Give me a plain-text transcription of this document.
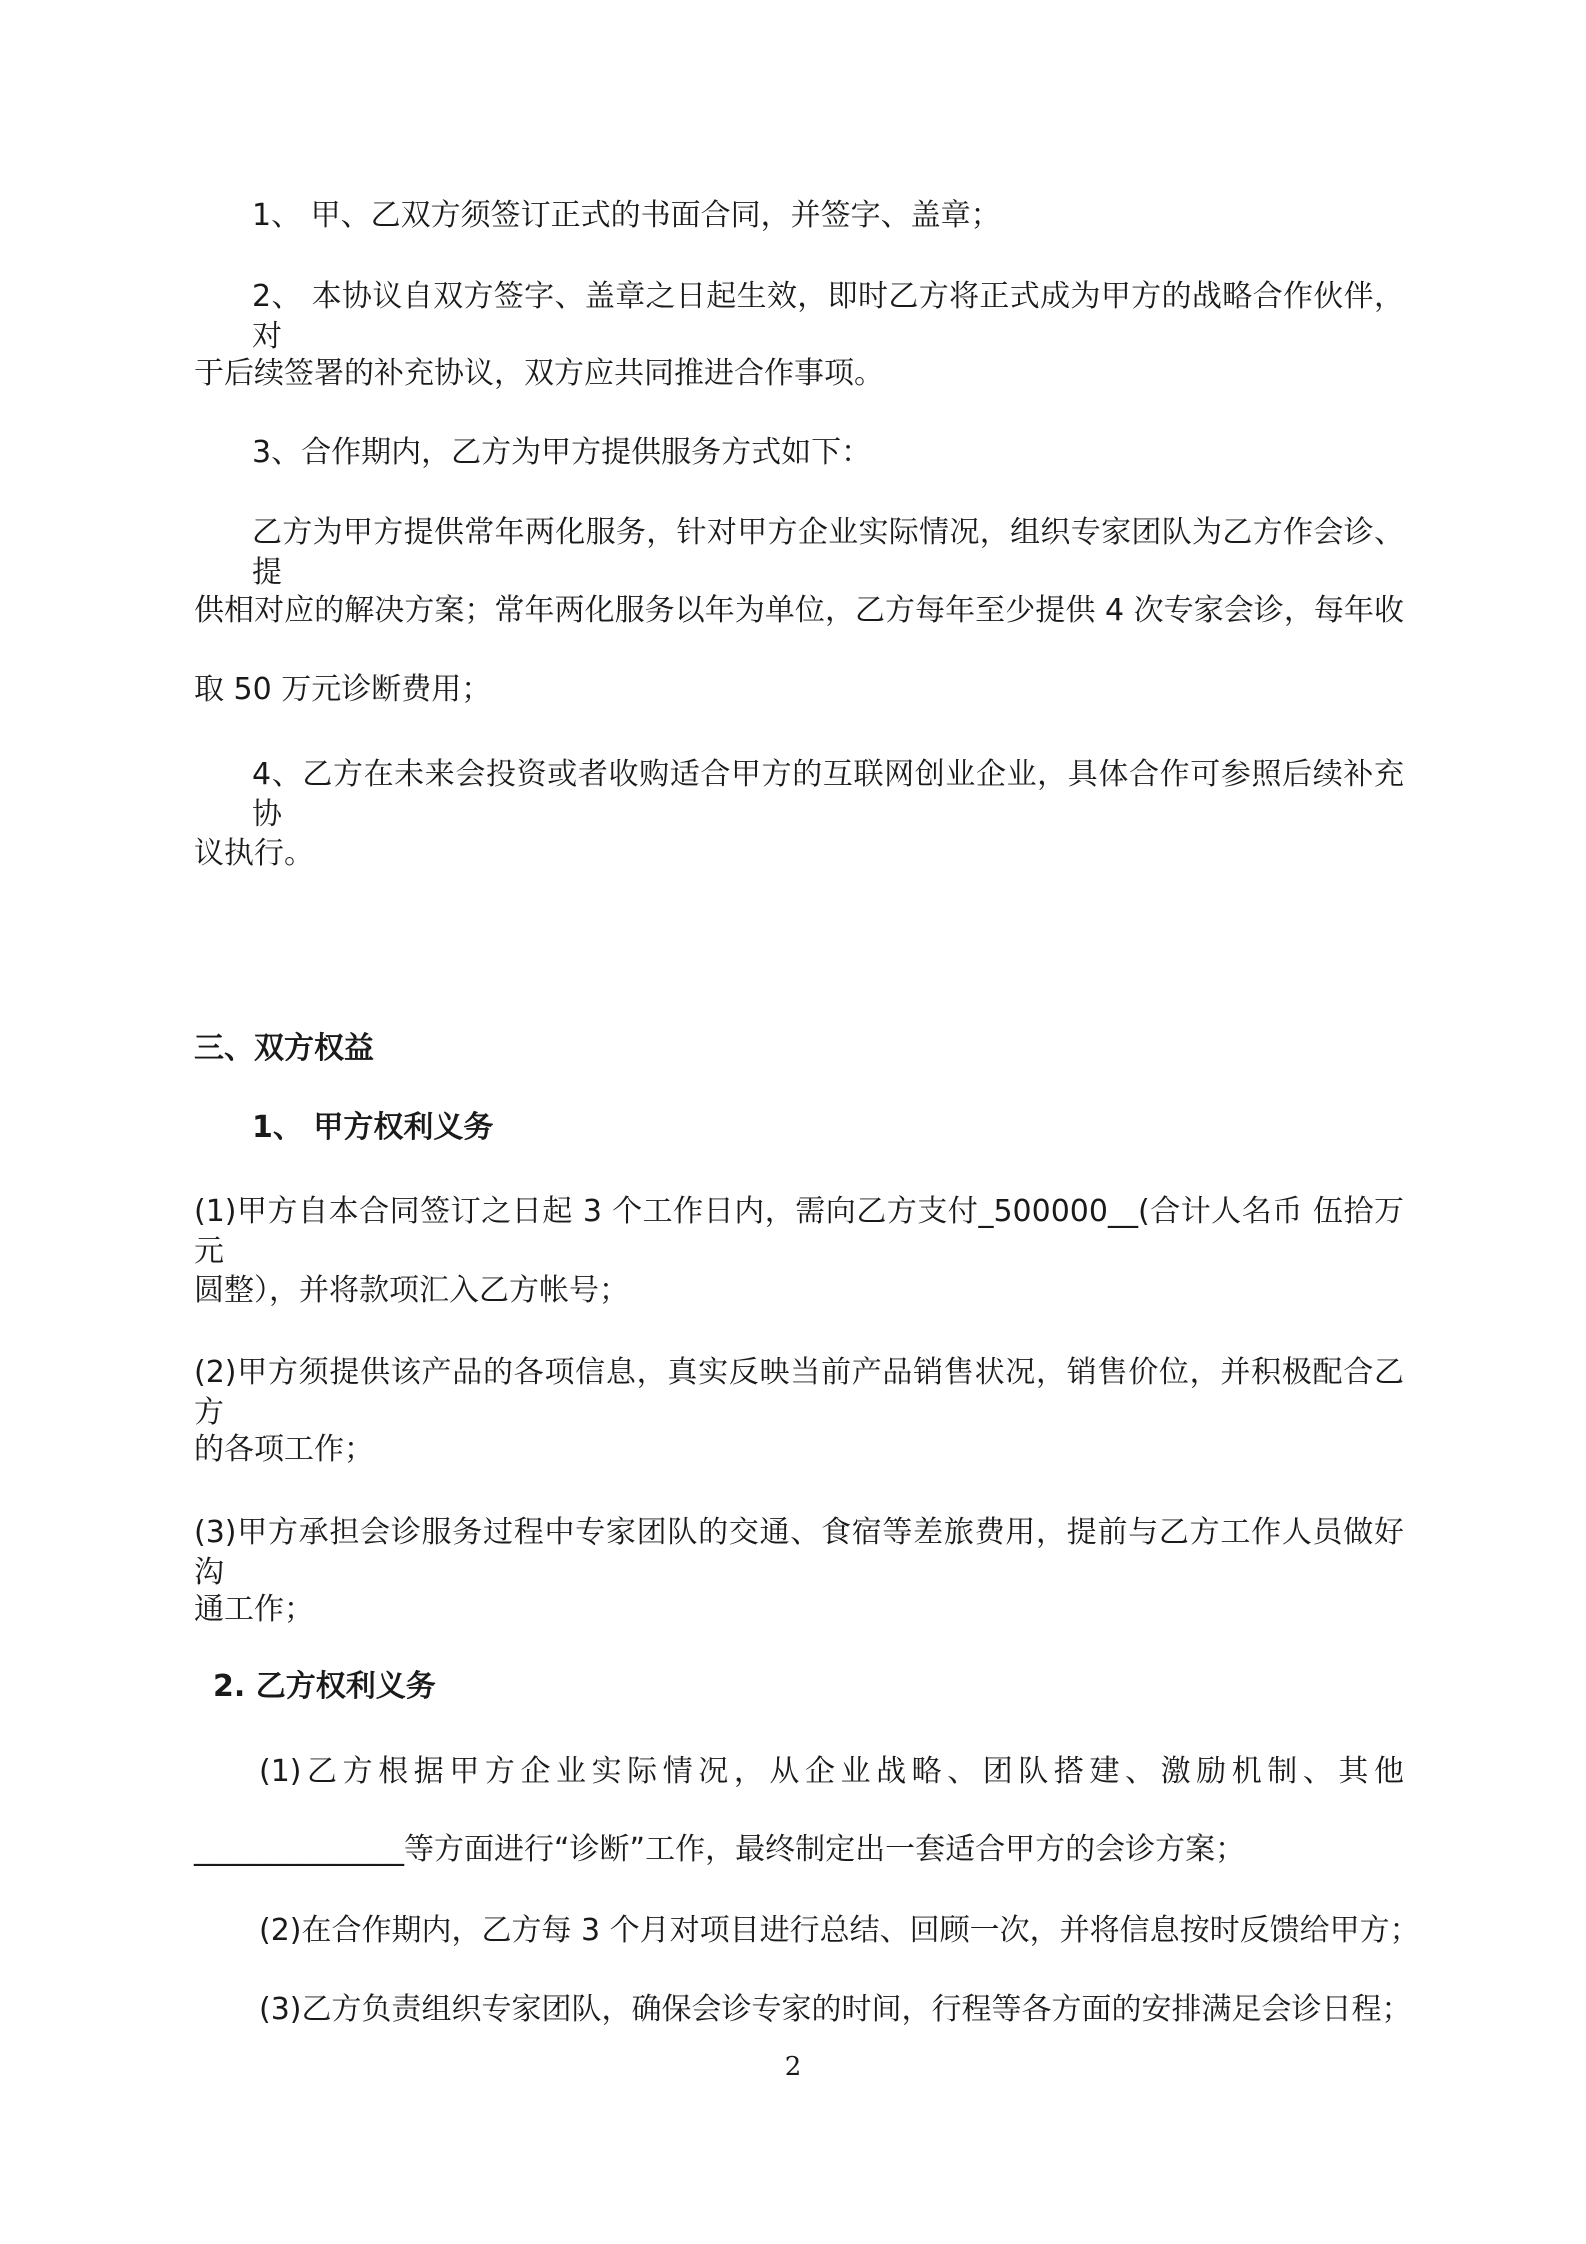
1、 甲、乙双方须签订正式的书面合同，并签字、盖章；
2、 本协议自双方签字、盖章之日起生效，即时乙方将正式成为甲方的战略合作伙伴，对
于后续签署的补充协议，双方应共同推进合作事项。
3、合作期内，乙方为甲方提供服务方式如下：
乙方为甲方提供常年两化服务，针对甲方企业实际情况，组织专家团队为乙方作会诊、提
供相对应的解决方案；常年两化服务以年为单位，乙方每年至少提供 4 次专家会诊，每年收
取 50 万元诊断费用；
4、乙方在未来会投资或者收购适合甲方的互联网创业企业，具体合作可参照后续补充协
议执行。
三、双方权益
1、 甲方权利义务
(1)甲方自本合同签订之日起 3 个工作日内，需向乙方支付_500000__(合计人名币 伍拾万元
圆整），并将款项汇入乙方帐号；
(2)甲方须提供该产品的各项信息，真实反映当前产品销售状况，销售价位，并积极配合乙方
的各项工作；
(3)甲方承担会诊服务过程中专家团队的交通、食宿等差旅费用，提前与乙方工作人员做好沟
通工作；
2. 乙方权利义务
(1)乙方根据甲方企业实际情况，从企业战略、团队搭建、激励机制、其他
______________等方面进行“诊断”工作，最终制定出一套适合甲方的会诊方案；
(2)在合作期内，乙方每 3 个月对项目进行总结、回顾一次，并将信息按时反馈给甲方；
(3)乙方负责组织专家团队，确保会诊专家的时间，行程等各方面的安排满足会诊日程；
2
